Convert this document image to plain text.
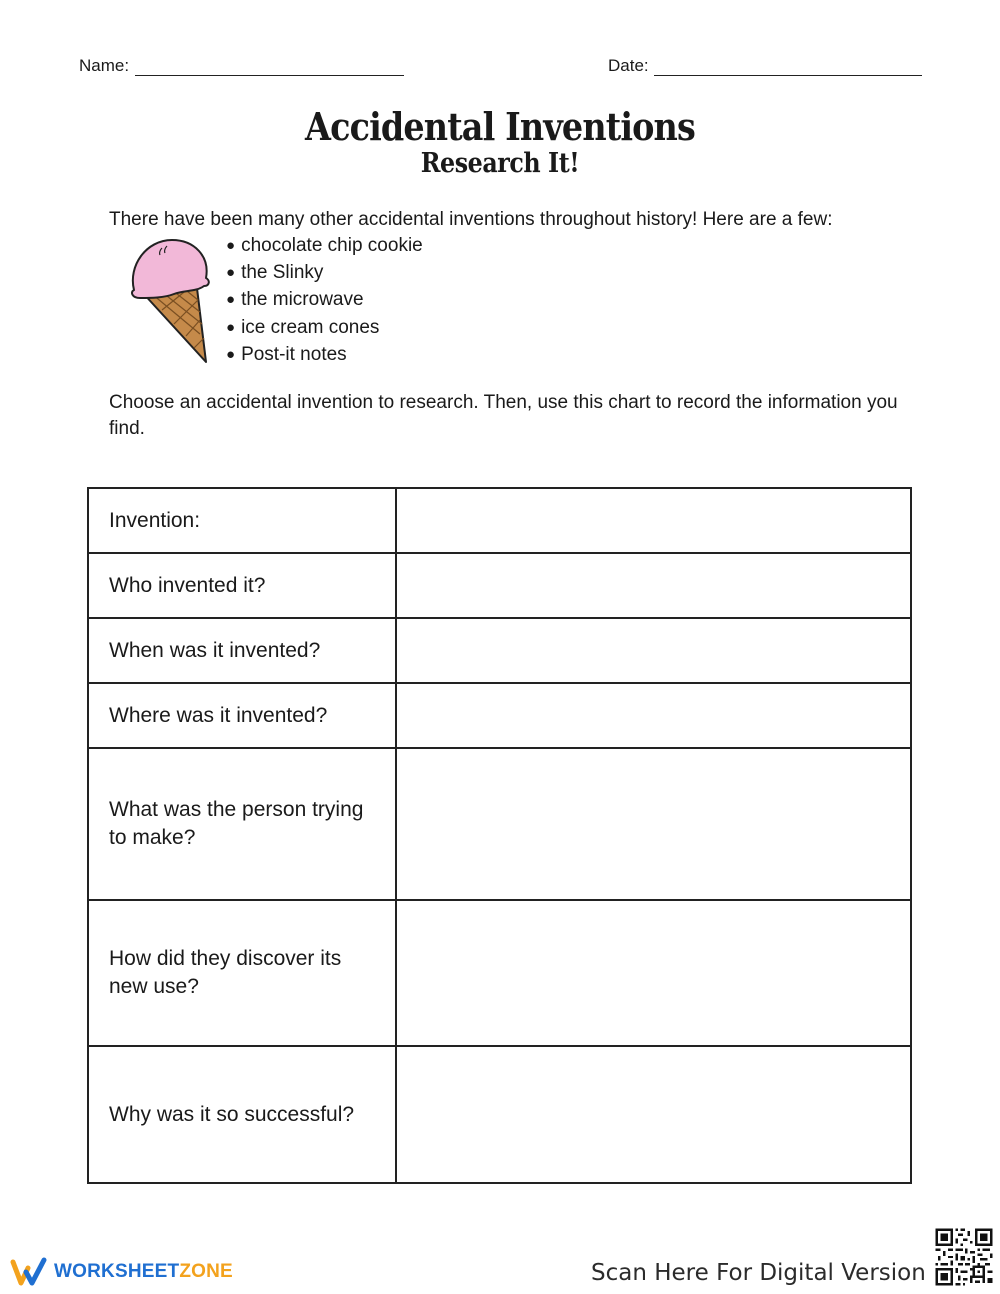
Name:	Date:
Accidental Inventions
Research It!
There have been many other accidental inventions throughout history! Here are a few:
● chocolate chip cookie
● the Slinky
● the microwave
● ice cream cones
● Post-it notes
Choose an accidental invention to research. Then, use this chart to record the information you find.
Invention:	
Who invented it?	
When was it invented?	
Where was it invented?	
What was the person trying to make?	
How did they discover its new use?	
Why was it so successful?	
WORKSHEET ZONE	Scan Here For Digital Version
